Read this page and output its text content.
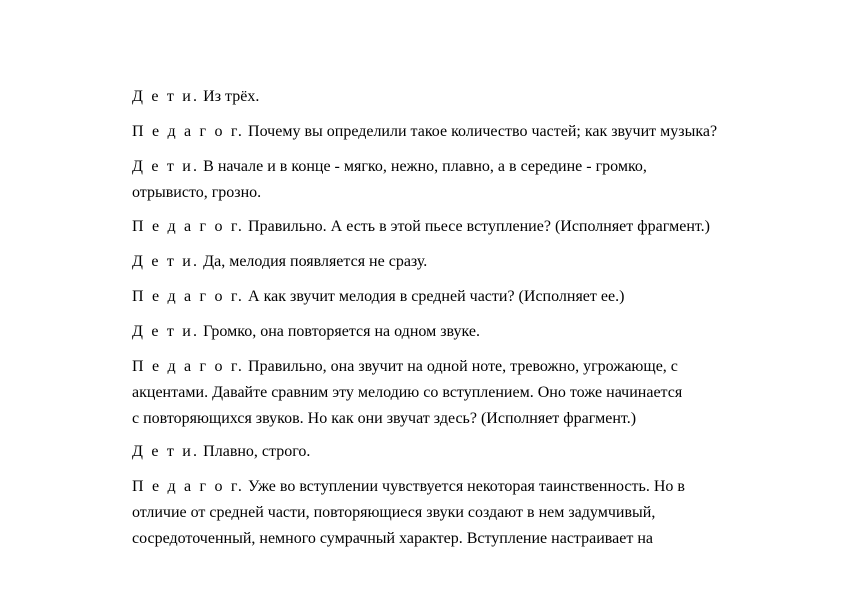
Д е т и. Из трёх.

П е д а г о г. Почему вы определили такое количество частей; как звучит музыка?

Д е т и. В начале и в конце - мягко, нежно, плавно, а в середине - громко,
отрывисто, грозно.

П е д а г о г. Правильно. А есть в этой пьесе вступление? (Исполняет фрагмент.)

Д е т и. Да, мелодия появляется не сразу.

П е д а г о г. А как звучит мелодия в средней части? (Исполняет ее.)

Д е т и. Громко, она повторяется на одном звуке.

П е д а г о г. Правильно, она звучит на одной ноте, тревожно, угрожающе, с
акцентами. Давайте сравним эту мелодию со вступлением. Оно тоже начинается
с повторяющихся звуков. Но как они звучат здесь? (Исполняет фрагмент.)

Д е т и. Плавно, строго.

П е д а г о г. Уже во вступлении чувствуется некоторая таинственность. Но в
отличие от средней части, повторяющиеся звуки создают в нем задумчивый,
сосредоточенный, немного сумрачный характер. Вступление настраивает на
